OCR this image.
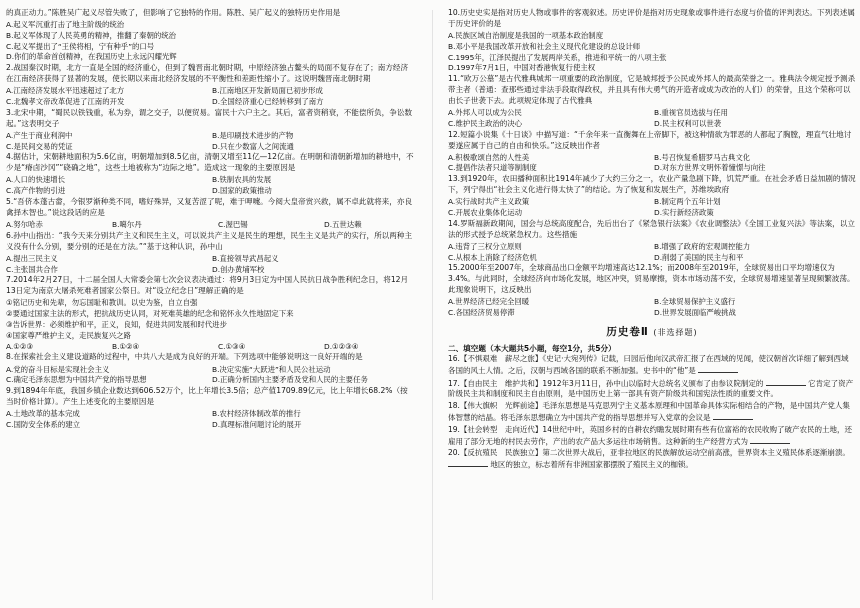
的真正动力。”陈胜吴广起义尽管失败了，但影响了它独特的作用。陈胜、吴广起义的独特历史作用是
A.起义军沉重打击了地主阶级的统治
B.起义军体现了人民英勇的精神，推翻了秦朝的统治
C.起义军提出了“王侯将相，宁有种乎”的口号
D.你们的革命首创精神，在我国历史上永远闪耀光辉
2.战国秦汉时期，北方一直是全国的经济重心，但到了魏晋南北朝时期，中原经济独占鳌头的局面不复存在了；南方经济在江南经济获得了显著的发展，使长期以来南北经济发展的不平衡性和差距性缩小了。这说明魏晋南北朝时期
A.江南经济发展水平迅速超过了北方	B.江南地区开发新局面已初步形成
C.北魏孝文帝改革促进了江南的开发	D.全国经济重心已经转移到了南方
3.北宋中期，“蜀民以铁钱重，私为券，谓之交子，以便贸易。富民十六户主之。其后，富者资稍衰，不能偿所负，争讼数起。”这表明交子
A.产生于商业利润中	B.是印刷技术进步的产物
C.是民间交易的凭证	D.只在少数富人之间流通
4.据估计，宋朝耕地面积为5.6亿亩，明朝增加到8.5亿亩，清朝又增至11亿—12亿亩。在明朝和清朝新增加的耕地中，不少是“瘠卤沙冈”“硗确之地”，这些土地被称为“边际之地”。造成这一现象的主要原因是
A.人口的快速增长	B.铁制农具的发展
C.高产作物的引进	D.国家的政策推动
5.“吾侪本蓬古畲，今银罗渐种类不同，嗜好殊异，又复苦涩了呢，难于呷嚏。今阅大皇帝赏兴救，属不卓此就将来，亦良禽择木智也。”说这段话的应是
A.努尔哈赤	B.噶尔丹	C.渥巴锡	D.五世达赖
6.孙中山指出：“我今天来分别共产主义和民生主义，可以说共产主义是民生的理想，民生主义是共产的实行，所以两种主义没有什么分别，要分别的还是在方法。”“基于这种认识，孙中山
A.提出三民主义	B.直接领导武昌起义
C.主张国共合作	D.创办黄埔军校
7.2014年2月27日，十二届全国人大常委会第七次会议表决通过：将9月3日定为中国人民抗日战争胜利纪念日，将12月13日定为南京大屠杀死难者国家公祭日。对“设立纪念日”理解正确的是
①铭记历史和先辈，勿忘国耻和教训。以史为鉴，自立自强
②要通过国家主法的形式，把抗战历史认同，对死难英雄的纪念和铭怀永久性地固定下来
③告诉世界：必须维护和平，正义，良知，促进共同发展和时代进步
④国家尊严维护主义，走民族复兴之路
A.①②③	B.①②④	C.①③④	D.①②③④
8.在探索社会主义建设道路的过程中，中共八大是成为良好的开端。下列选项中能够说明这一良好开端的是
A.党的奋斗目标是实现社会主义	B.决定实施“大跃进”和人民公社运动
C.确定毛泽东思想为中国共产党的指导思想	D.正确分析国内主要矛盾及党和人民的主要任务
9.到1894年年底，我国乡镇企业数达到606.52万个，比上年增长3.5倍；总产值1709.89亿元，比上年增长68.2%（按当时价格计算）。产生上述变化的主要原因是
A.土地改革的基本完成	B.农村经济体制改革的推行
C.国防安全体系的建立	D.真理标准问题讨论的展开
10.历史史实是指对历史人物或事件的客观叙述。历史评价是指对历史现象或事件进行态度与价值的评判表达。下列表述属于历史评价的是
A.民族区域自治制度是我国的一项基本政治制度
B.邓小平是我国改革开放和社会主义现代化建设的总设计师
C.1995年，江泽民提出了发展两岸关系，推进和平统一的八项主张
D.1997年7月1日，中国对香港恢复行使主权
11.“欧万公墓”是古代雅典城邦一项重要的政治制度，它是城邦授予公民或外邦人的最高荣誉之一。雅典法令规定授予测杀带主者（普通：查那些通过非法手段取得政权，并且具有伟大勇气的开造者或成为改治的人们）的荣誉，且这个荣称可以由长子世袭下去。此项规定体现了古代雅典
A.外邦人可以成为公民	B.重视官员选拔与任用
C.维护民主政治的决心	D.民主权利可以世袭
12.短篇小说集《十日谈》中描写道：“千余年来一直衡舞在上帝脚下，被这种情欲为罪恶的人都起了胸膛，理直气壮地讨要遂应属于自己的自由和快乐。”这反映出作者
A.积极歌颂自然的人性美	B.号召恢复希腊罗马古典文化
C.提倡作法者只道等制制度	D.对东方世界文明怀着憧憬与向往
13.到1920年，农田播种面积比1914年减少了大约三分之一，农业产量急剧下降，饥荒严重。在社会矛盾日益加剧的情况下，列宁得出“社会主义化进行得太快了”的结论。为了恢复和发展生产，苏维埃政府
A.实行战时共产主义政策	B.制定两个五年计划
C.开展农业集体化运动	D.实行新经济政策
14.罗斯福新政期间，国会与总统高度配合，先后出台了《紧急银行法案》《农业调整法》《全国工业复兴法》等法案，以立法的形式授予总统紧急权力。这些措施
A.违背了三权分立原则	B.增强了政府的宏观调控能力
C.从根本上消除了经济危机	D.削弱了美国的民主与和平
15.2000年至2007年，全球商品出口金额平均增速高达12.1%；而2008年至2019年，全球贸易出口平均增速仅为3.4%。与此同时，全球经济向市场化发展，地区冲突，贸易摩擦，资本市场动荡不安，全球贸易增速显著呈现频繁波荡。此现象说明下，这反映出
A.世界经济已经完全回暖	B.全球贸易保护主义盛行
C.各国经济贸易停滞	D.世界发展面临严峻挑战
历史卷Ⅱ (非选择题)
二、填空题（本大题共5小题，每空1分，共5分）
16.【不惧艰难　薪尽之旅】《史记·大宛列传》记载，曰园后他向汉武帝汇报了在西域的见闻，使汉朝首次详细了解到西域各国的风土人情。之后，汉朝与西域各国的联系不断加强。史书中的“他”是
17.【自由民主　维护共和】1912年3月11日，孙中山以临时大总统名义颁布了由参议院制定的	它肯定了资产阶级民主共和制度和民主自由原则，是中国历史上第一部具有资产阶级共和国宪法性质的重要文件。
18.【伟大旗帜　光辉前途】毛泽东思想是马克思列宁主义基本原理和中国革命具体实际相结合的产物，是中国共产党人集体智慧的结晶。将毛泽东思想确立为中国共产党的指导思想并写入党章的会议是
19.【社会转型　走向近代】14世纪中叶，英国乡村的自耕农约瞻发展时期有些有位富裕的农民收购了破产农民的土地，还雇用了部分无地的村民去劳作，产出的农产品大多运往市场销售。这种新的生产经营方式为
20.【反抗殖民　民族独立】第二次世界大战后，亚非拉地区的民族解放运动空前高涨，世界资本主义殖民体系逐渐崩溃。  地区的独立，标志着所有非洲国家都摆脱了殖民主义的枷锁。
